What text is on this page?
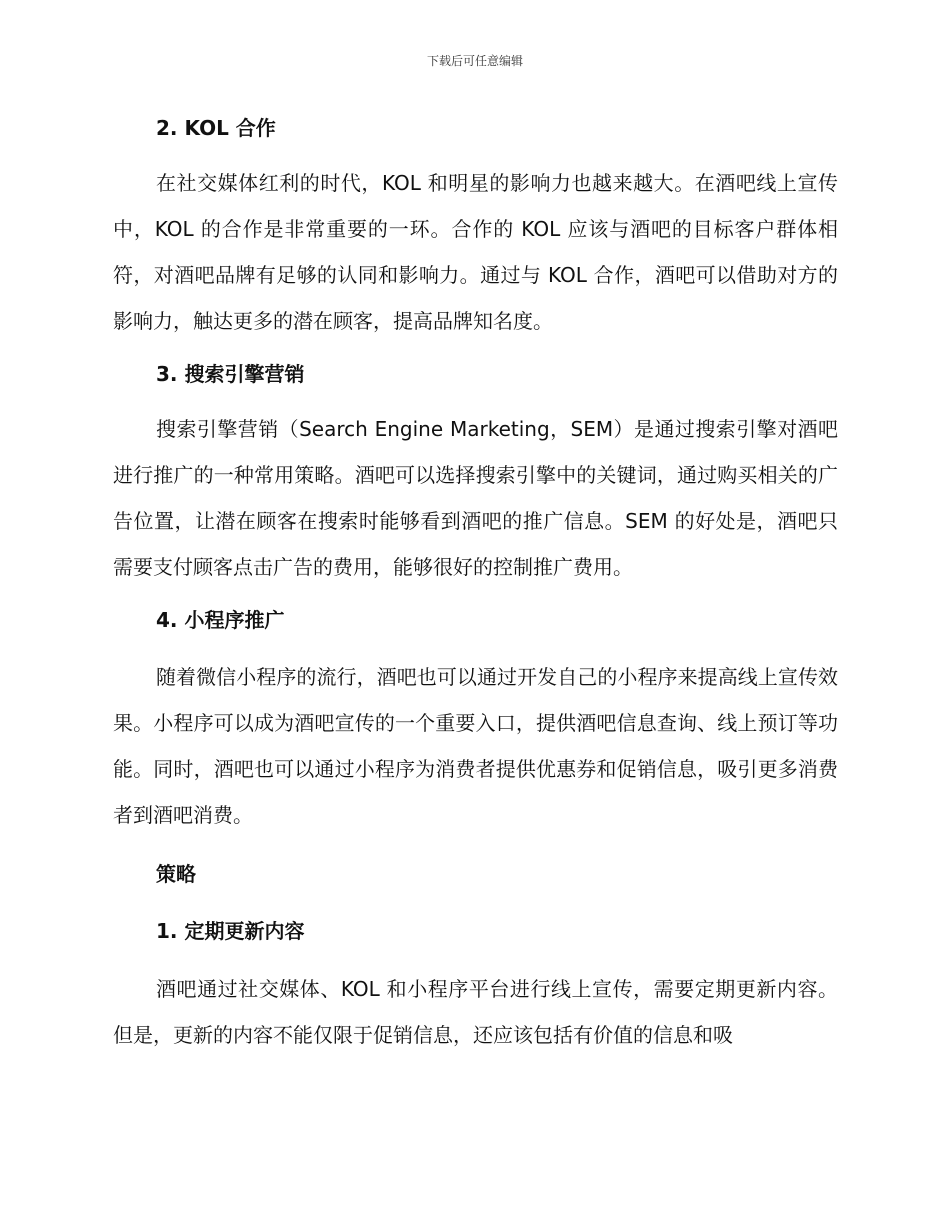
下载后可任意编辑
2. KOL 合作

在社交媒体红利的时代，KOL 和明星的影响力也越来越大。在酒吧线上宣传中，KOL 的合作是非常重要的一环。合作的 KOL 应该与酒吧的目标客户群体相符，对酒吧品牌有足够的认同和影响力。通过与 KOL 合作，酒吧可以借助对方的影响力，触达更多的潜在顾客，提高品牌知名度。

3. 搜索引擎营销

搜索引擎营销（Search Engine Marketing，SEM）是通过搜索引擎对酒吧进行推广的一种常用策略。酒吧可以选择搜索引擎中的关键词，通过购买相关的广告位置，让潜在顾客在搜索时能够看到酒吧的推广信息。SEM 的好处是，酒吧只需要支付顾客点击广告的费用，能够很好的控制推广费用。

4. 小程序推广

随着微信小程序的流行，酒吧也可以通过开发自己的小程序来提高线上宣传效果。小程序可以成为酒吧宣传的一个重要入口，提供酒吧信息查询、线上预订等功能。同时，酒吧也可以通过小程序为消费者提供优惠券和促销信息，吸引更多消费者到酒吧消费。

策略
1. 定期更新内容

酒吧通过社交媒体、KOL 和小程序平台进行线上宣传，需要定期更新内容。但是，更新的内容不能仅限于促销信息，还应该包括有价值的信息和吸
